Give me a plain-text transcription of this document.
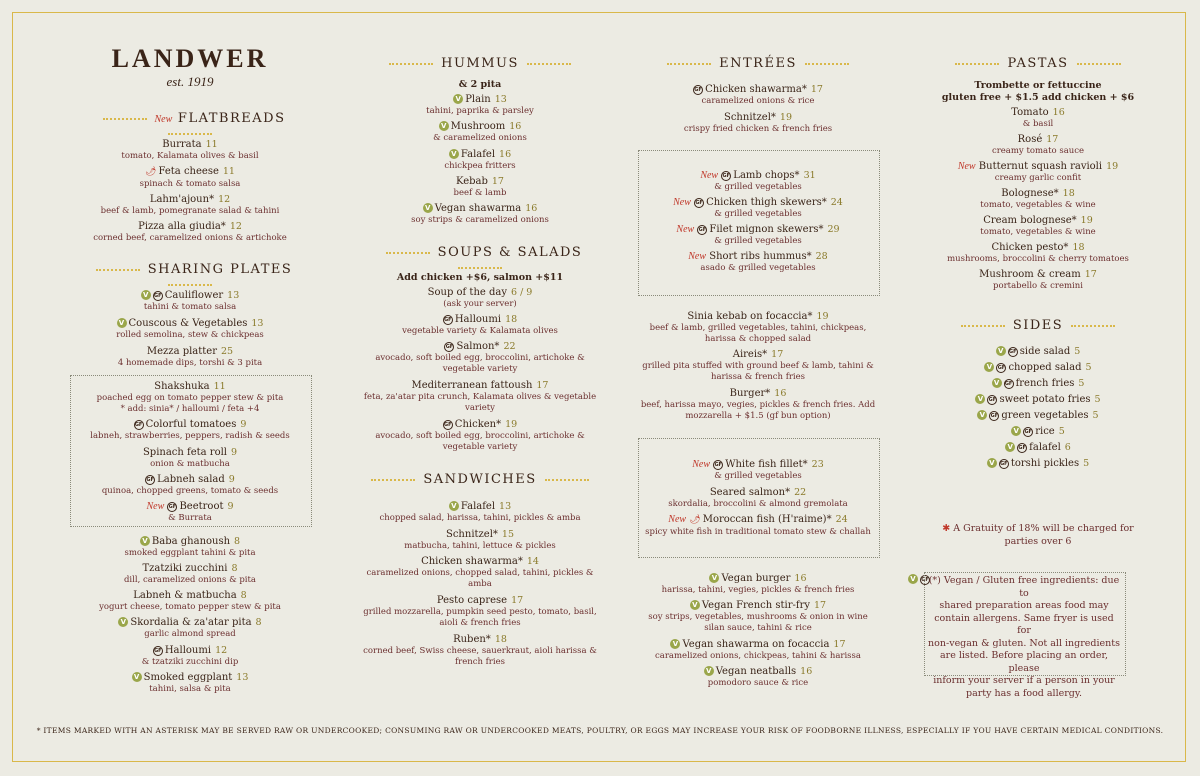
LANDWER
est. 1919
New FLATBREADS
Burrata 11
tomato, Kalamata olives & basil
🌶 Feta cheese 11
spinach & tomato salsa
Lahm'ajoun* 12
beef & lamb, pomegranate salad & tahini
Pizza alla giudia* 12
corned beef, caramelized onions & artichoke
SHARING PLATES
V GF Cauliflower 13
tahini & tomato salsa
V Couscous & Vegetables 13
rolled semolina, stew & chickpeas
Mezza platter 25
4 homemade dips, torshi & 3 pita
Shakshuka 11
poached egg on tomato pepper stew & pita
* add: sinia* / halloumi / feta +4
GF Colorful tomatoes 9
labneh, strawberries, peppers, radish & seeds
Spinach feta roll 9
onion & matbucha
GF Labneh salad 9
quinoa, chopped greens, tomato & seeds
New GF Beetroot 9
& Burrata
V Baba ghanoush 8
smoked eggplant tahini & pita
Tzatziki zucchini 8
dill, caramelized onions & pita
Labneh & matbucha 8
yogurt cheese, tomato pepper stew & pita
V Skordalia & za'atar pita 8
garlic almond spread
GF Halloumi 12
& tzatziki zucchini dip
V Smoked eggplant 13
tahini, salsa & pita
HUMMUS
& 2 pita
V Plain 13
tahini, paprika & parsley
V Mushroom 16
& caramelized onions
V Falafel 16
chickpea fritters
Kebab 17
beef & lamb
V Vegan shawarma 16
soy strips & caramelized onions
SOUPS & SALADS
Add chicken +$6, salmon +$11
Soup of the day 6 / 9
(ask your server)
GF Halloumi 18
vegetable variety & Kalamata olives
GF Salmon* 22
avocado, soft boiled egg, broccolini, artichoke &
vegetable variety
Mediterranean fattoush 17
feta, za'atar pita crunch, Kalamata olives & vegetable
variety
GF Chicken* 19
avocado, soft boiled egg, broccolini, artichoke &
vegetable variety
SANDWICHES
V Falafel 13
chopped salad, harissa, tahini, pickles & amba
Schnitzel* 15
matbucha, tahini, lettuce & pickles
Chicken shawarma* 14
caramelized onions, chopped salad, tahini, pickles &
amba
Pesto caprese 17
grilled mozzarella, pumpkin seed pesto, tomato, basil,
aioli & french fries
Ruben* 18
corned beef, Swiss cheese, sauerkraut, aioli harissa &
french fries
ENTRÉES
GF Chicken shawarma* 17
caramelized onions & rice
Schnitzel* 19
crispy fried chicken & french fries
New GF Lamb chops* 31
& grilled vegetables
New GF Chicken thigh skewers* 24
& grilled vegetables
New GF Filet mignon skewers* 29
& grilled vegetables
New Short ribs hummus* 28
asado & grilled vegetables
Sinia kebab on focaccia* 19
beef & lamb, grilled vegetables, tahini, chickpeas,
harissa & chopped salad
Aireis* 17
grilled pita stuffed with ground beef & lamb, tahini &
harissa & french fries
Burger* 16
beef, harissa mayo, vegies, pickles & french fries. Add
mozzarella + $1.5 (gf bun option)
New GF White fish fillet* 23
& grilled vegetables
Seared salmon* 22
skordalia, broccolini & almond gremolata
New 🌶 Moroccan fish (H'raime)* 24
spicy white fish in traditional tomato stew & challah
V Vegan burger 16
harissa, tahini, vegies, pickles & french fries
V Vegan French stir-fry 17
soy strips, vegetables, mushrooms & onion in wine
silan sauce, tahini & rice
V Vegan shawarma on focaccia 17
caramelized onions, chickpeas, tahini & harissa
V Vegan neatballs 16
pomodoro sauce & rice
PASTAS
Trombette or fettuccine
gluten free + $1.5 add chicken + $6
Tomato 16
& basil
Rosé 17
creamy tomato sauce
New Butternut squash ravioli 19
creamy garlic confit
Bolognese* 18
tomato, vegetables & wine
Cream bolognese* 19
tomato, vegetables & wine
Chicken pesto* 18
mushrooms, broccolini & cherry tomatoes
Mushroom & cream 17
portabello & cremini
SIDES
V GF side salad 5
V GF chopped salad 5
V GF french fries 5
V GF sweet potato fries 5
V GF green vegetables 5
V GF rice 5
V GF falafel 6
V GF torshi pickles 5
✱ A Gratuity of 18% will be charged for
parties over 6
V GF (*) Vegan / Gluten free ingredients: due to
shared preparation areas food may
contain allergens. Same fryer is used for
non-vegan & gluten. Not all ingredients
are listed. Before placing an order, please
inform your server if a person in your
party has a food allergy.
* ITEMS MARKED WITH AN ASTERISK MAY BE SERVED RAW OR UNDERCOOKED; CONSUMING RAW OR UNDERCOOKED MEATS, POULTRY, OR EGGS MAY INCREASE YOUR RISK OF FOODBORNE ILLNESS, ESPECIALLY IF YOU HAVE CERTAIN MEDICAL CONDITIONS.
